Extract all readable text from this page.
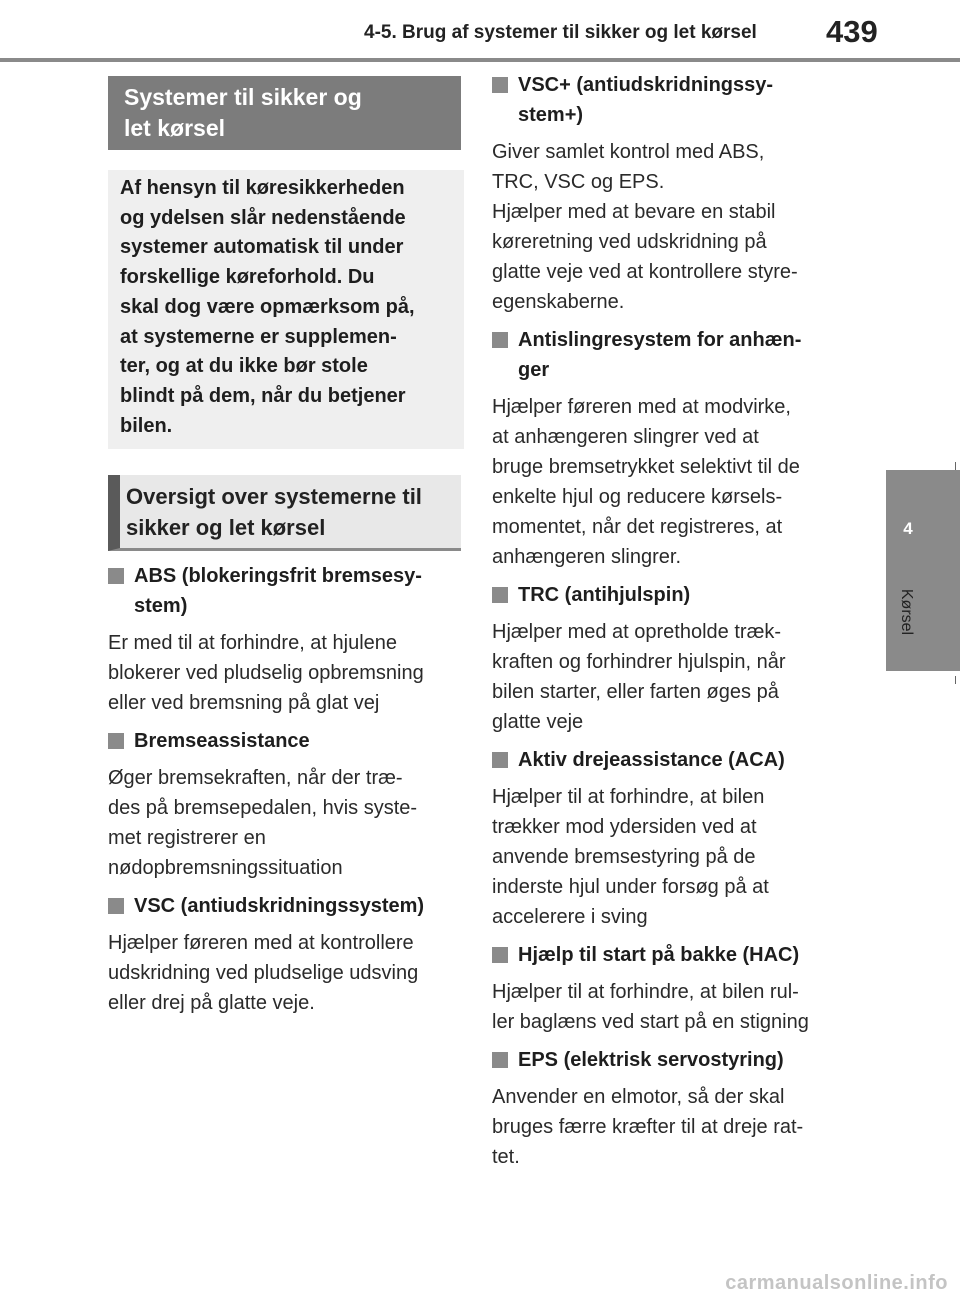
4-5. Brug af systemer til sikker og let kørsel 439
4
Kørsel
Systemer til sikker og
let kørsel
Af hensyn til køresikkerheden
og ydelsen slår nedenstående
systemer automatisk til under
forskellige køreforhold. Du
skal dog være opmærksom på,
at systemerne er supplemen-
ter, og at du ikke bør stole
blindt på dem, når du betjener
bilen.
Oversigt over systemerne til
sikker og let kørsel
ABS (blokeringsfrit bremsesy-
stem)
Er med til at forhindre, at hjulene
blokerer ved pludselig opbremsning
eller ved bremsning på glat vej
Bremseassistance
Øger bremsekraften, når der træ-
des på bremsepedalen, hvis syste-
met registrerer en
nødopbremsningssituation
VSC (antiudskridningssystem)
Hjælper føreren med at kontrollere
udskridning ved pludselige udsving
eller drej på glatte veje.
VSC+ (antiudskridningssy-
stem+)
Giver samlet kontrol med ABS,
TRC, VSC og EPS.
Hjælper med at bevare en stabil
køreretning ved udskridning på
glatte veje ved at kontrollere styre-
egenskaberne.
Antislingresystem for anhæn-
ger
Hjælper føreren med at modvirke,
at anhængeren slingrer ved at
bruge bremsetrykket selektivt til de
enkelte hjul og reducere kørsels-
momentet, når det registreres, at
anhængeren slingrer.
TRC (antihjulspin)
Hjælper med at opretholde træk-
kraften og forhindrer hjulspin, når
bilen starter, eller farten øges på
glatte veje
Aktiv drejeassistance (ACA)
Hjælper til at forhindre, at bilen
trækker mod ydersiden ved at
anvende bremsestyring på de
inderste hjul under forsøg på at
accelerere i sving
Hjælp til start på bakke (HAC)
Hjælper til at forhindre, at bilen rul-
ler baglæns ved start på en stigning
EPS (elektrisk servostyring)
Anvender en elmotor, så der skal
bruges færre kræfter til at dreje rat-
tet.
carmanualsonline.info
